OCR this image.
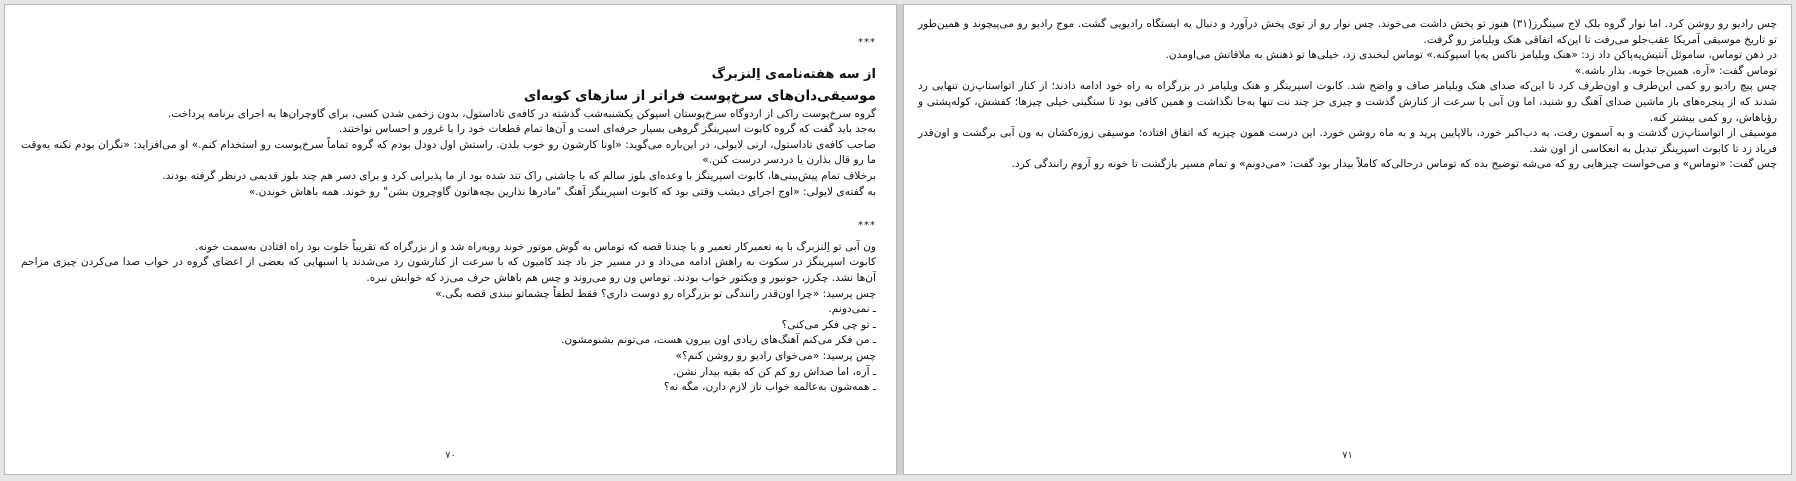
***
از سه هفته‌نامه‌ی اِلنزبرگ
موسیقی‌دان‌های سرخ‌پوست فراتر از سازهای کوبه‌ای
گروه سرخ‌پوست راکی از اردوگاه سرخ‌پوستان اسپوکن یکشنبه‌شب گذشته در کافه‌ی تاداستول، بدون زخمی شدن کسی، برای گاوچران‌ها به اجرای برنامه پرداخت.
به‌جد باید گفت که گروه کابوت اسپرینگز گروهی بسیار حرفه‌ای است و آن‌ها تمام قطعات خود را با غرور و احساس نواختند.
صاحب کافه‌ی تاداستول، ارنی لایولی، در این‌باره می‌گوید: «اونا کارشون رو خوب بلدن. راستش اول دودل بودم که گروه تماماً سرخ‌پوست رو استخدام کنم.» او می‌افزاید: «نگران بودم نکنه یه‌وقت ما رو قال بذارن یا دردسر درست کنن.»
برخلاف تمام پیش‌بینی‌ها، کابوت اسپرینگز با وعده‌ای بلوز سالم که با چاشنی راک تند شده بود از ما پذیرایی کرد و برای دسر هم چند بلوز قدیمی درنظر گرفته بودند.
به گفته‌ی لایولی: «اوج اجرای دیشب وقتی بود که کابوت اسپرینگز آهنگ "مادرها نذارین بچه‌هاتون گاوچرون بشن" رو خوند. همه باهاش خوندن.»
***
ون آبی تو اِلنزبرگ با یه تعمیرکار تعمیر و با چندتا قصه که توماس به گوش موتور خوند روبه‌راه شد و از بزرگراه که تقریباً خلوت بود راه افتادن به‌سمت خونه.
کابوت اسپرینگز در سکوت به راهش ادامه می‌داد و در مسیر جز باد چند کامیون که با سرعت از کنارشون رد می‌شدند یا اسبهایی که بعضی از اعضای گروه در خواب صدا می‌کردن چیزی مزاحم آن‌ها نشد. چکرز، جونیور و ویکتور خواب بودند. توماس ون رو می‌روند و چس هم باهاش حرف می‌زد که خوابش نبره.
چس پرسید: «چرا اون‌قدر رانندگی تو بزرگراه رو دوست داری؟ فقط لطفاً چشماتو نبندی قصه بگی.»
ـ نمی‌دونم.
ـ تو چی فکر می‌کنی؟
ـ من فکر می‌کنم آهنگ‌های زیادی اون بیرون هست، می‌تونم بشنومشون.
چس پرسید: «می‌خوای رادیو رو روشن کنم؟»
ـ آره، اما صداش رو کم کن که بقیه بیدار نشن.
ـ همه‌شون به‌عالمه خواب ناز لازم دارن، مگه نه؟
۷۰
چس رادیو رو روشن کرد. اما نوار گروه بلک لاج سینگرز(۳۱) هنوز تو پخش داشت می‌خوند. چس نوار رو از توی پخش درآورد و دنبال یه ایستگاه رادیویی گشت. موج رادیو رو می‌پیچوند و همین‌طور تو تاریخ موسیقی آمریکا عقب‌جلو می‌رفت تا این‌که اتفاقی هنک ویلیامز رو گرفت.
در ذهن توماس، ساموئل آنتیش‌یه‌پاکن داد زد: «هنک ویلیامز ناکس په‌پا اسپوکنه.» توماس لبخندی زد، خیلی‌ها تو ذهنش به ملاقاتش می‌اومدن.
توماس گفت: «آره، همین‌جا خوبه. بذار باشه.»
چس پیچ رادیو رو کمی این‌طرف و اون‌طرف کرد تا این‌که صدای هنک ویلیامز صاف و واضح شد. کابوت اسپرینگز و هنک ویلیامز در بزرگراه به راه خود ادامه دادند؛ از کنار اتواستاپ‌زن تنهایی رد شدند که از پنجره‌های باز ماشین صدای آهنگ رو شنید، اما ون آبی با سرعت از کنارش گذشت و چیزی جز چند نت تنها به‌جا نگذاشت و همین کافی بود تا سنگینی خیلی چیزها؛ کفشش، کوله‌پشتی و رؤیاهاش، رو کمی بیشتر کنه.
موسیقی از اتواستاپ‌زن گذشت و به آسمون رفت، به دب‌اکبر خورد، بالاپایین پرید و به ماه روشن خورد. این درست همون چیزیه که اتفاق افتاده؛ موسیقی زوزه‌کشان به ون آبی برگشت و اون‌قدر فریاد زد تا کابوت اسپرینگز تبدیل به انعکاسی از اون شد.
چس گفت: «توماس» و می‌خواست چیزهایی رو که می‌شه توضیح بده که توماس درحالی‌که کاملاً بیدار بود گفت: «می‌دونم» و تمام مسیر بازگشت تا خونه رو آروم رانندگی کرد.
۷۱
